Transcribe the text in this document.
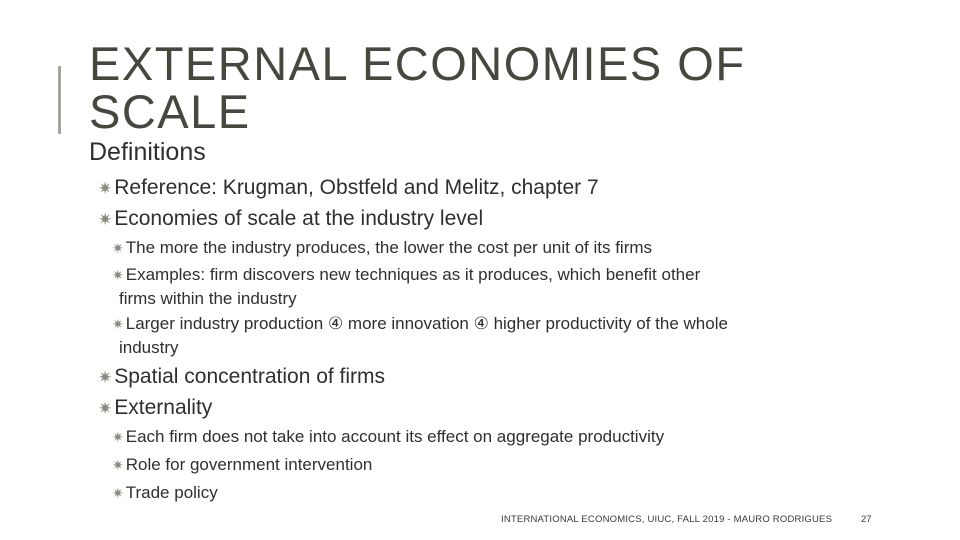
EXTERNAL ECONOMIES OF SCALE
Definitions
✷Reference: Krugman, Obstfeld and Melitz, chapter 7
✷Economies of scale at the industry level
✷ The more the industry produces, the lower the cost per unit of its firms
✷ Examples: firm discovers new techniques as it produces, which benefit other
firms within the industry
✷ Larger industry production ④ more innovation ④ higher productivity of the whole
industry
✷Spatial concentration of firms
✷Externality
✷ Each firm does not take into account its effect on aggregate productivity
✷ Role for government intervention
✷ Trade policy
INTERNATIONAL ECONOMICS, UIUC, FALL 2019 - MAURO RODRIGUES	27
